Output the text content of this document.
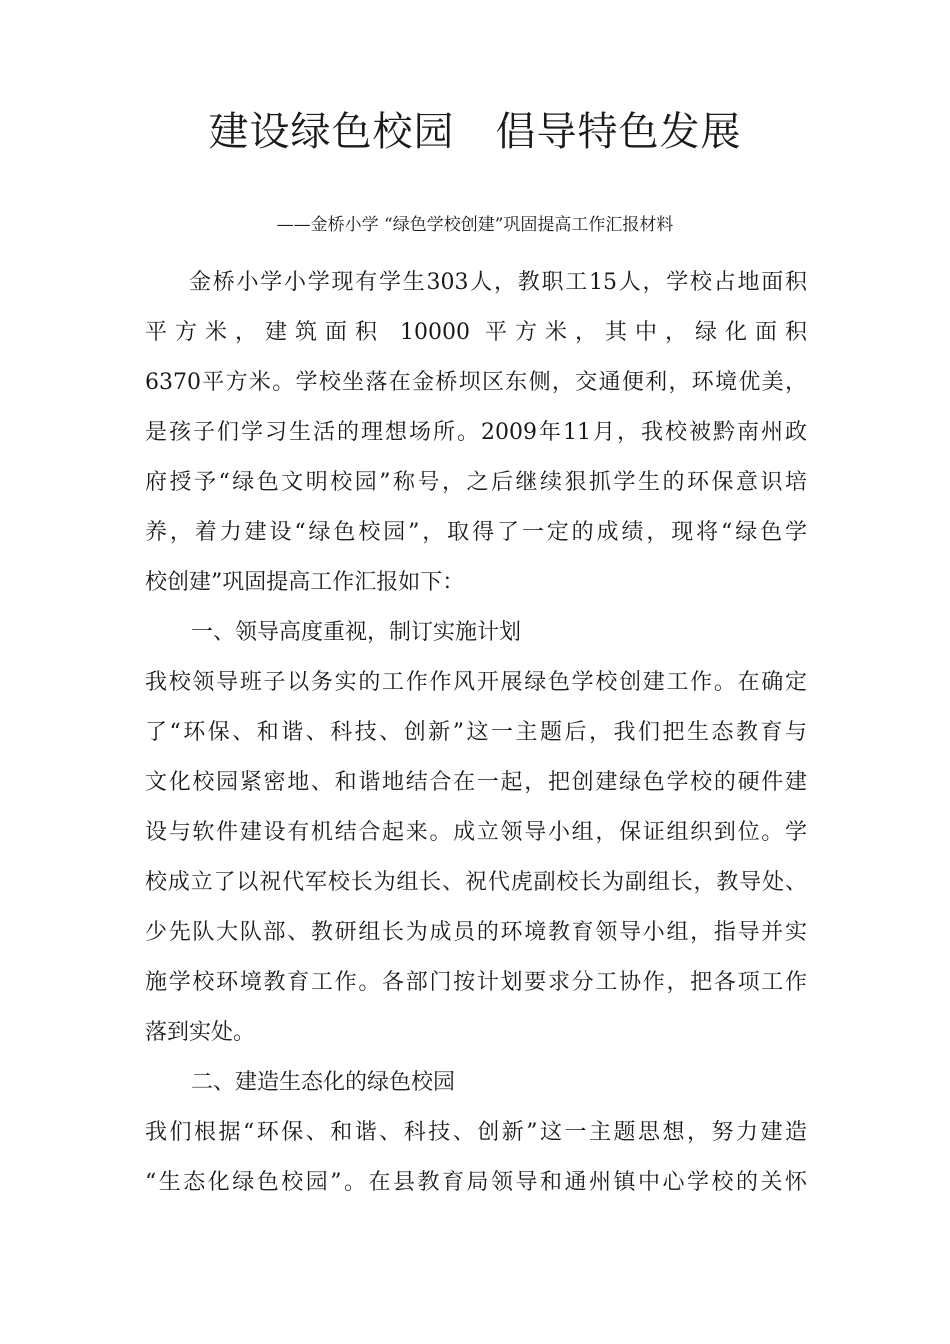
建设绿色校园　倡导特色发展

——金桥小学 “绿色学校创建”巩固提高工作汇报材料

金桥小学小学现有学生303人，教职工15人，学校占地面积

平方米，建筑面积 10000 平方米，其中，绿化面积

6370平方米。学校坐落在金桥坝区东侧，交通便利，环境优美，

是孩子们学习生活的理想场所。2009年11月，我校被黔南州政

府授予“绿色文明校园”称号，之后继续狠抓学生的环保意识培

养，着力建设“绿色校园”，取得了一定的成绩，现将“绿色学

校创建”巩固提高工作汇报如下：

一、领导高度重视，制订实施计划

我校领导班子以务实的工作作风开展绿色学校创建工作。在确定

了“环保、和谐、科技、创新”这一主题后，我们把生态教育与

文化校园紧密地、和谐地结合在一起，把创建绿色学校的硬件建

设与软件建设有机结合起来。成立领导小组，保证组织到位。学

校成立了以祝代军校长为组长、祝代虎副校长为副组长，教导处、

少先队大队部、教研组长为成员的环境教育领导小组，指导并实

施学校环境教育工作。各部门按计划要求分工协作，把各项工作

落到实处。

二、建造生态化的绿色校园

我们根据“环保、和谐、科技、创新”这一主题思想，努力建造

“生态化绿色校园”。在县教育局领导和通州镇中心学校的关怀
